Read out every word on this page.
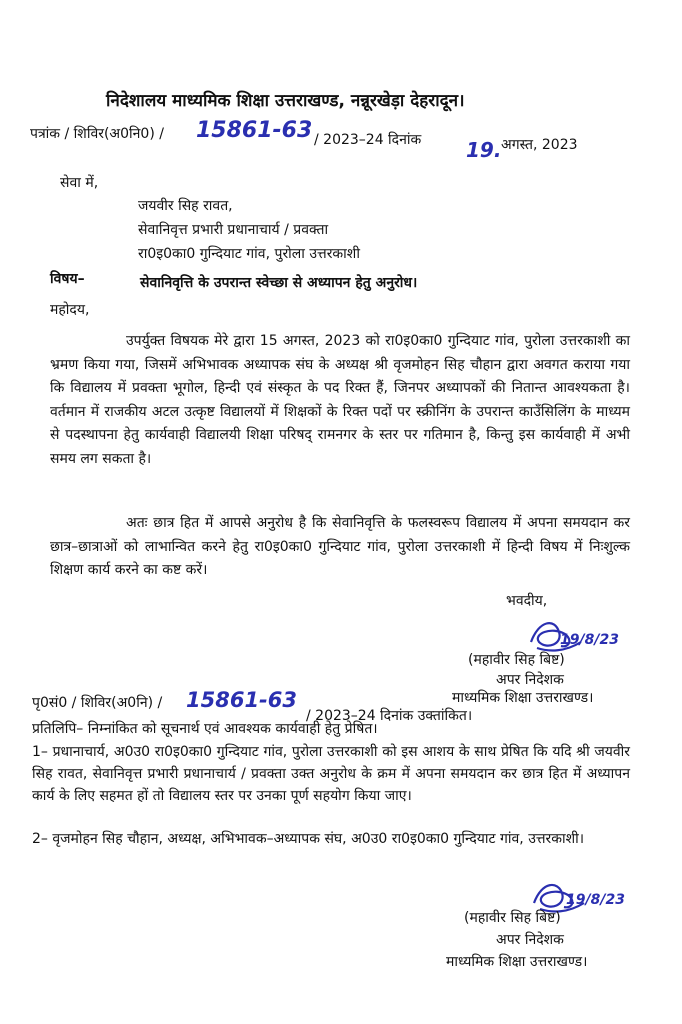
निदेशालय माध्यमिक शिक्षा उत्तराखण्ड, नन्नूरखेड़ा देहरादून।
पत्रांक / शिविर(अ0नि0) / 15861-63 / 2023–24 दिनांक 19. अगस्त, 2023
सेवा में,
जयवीर सिह रावत,
सेवानिवृत्त प्रभारी प्रधानाचार्य / प्रवक्ता
रा0इ0का0 गुन्दियाट गांव, पुरोला उत्तरकाशी
विषय–	सेवानिवृत्ति के उपरान्त स्वेच्छा से अध्यापन हेतु अनुरोध।
महोदय,
उपर्युक्त विषयक मेरे द्वारा 15 अगस्त, 2023 को रा0इ0का0 गुन्दियाट गांव, पुरोला उत्तरकाशी का भ्रमण किया गया, जिसमें अभिभावक अध्यापक संघ के अध्यक्ष श्री वृजमोहन सिह चौहान द्वारा अवगत कराया गया कि विद्यालय में प्रवक्ता भूगोल, हिन्दी एवं संस्कृत के पद रिक्त हैं, जिनपर अध्यापकों की नितान्त आवश्यकता है। वर्तमान में राजकीय अटल उत्कृष्ट विद्यालयों में शिक्षकों के रिक्त पदों पर स्क्रीनिंग के उपरान्त काउँसिलिंग के माध्यम से पदस्थापना हेतु कार्यवाही विद्यालयी शिक्षा परिषद् रामनगर के स्तर पर गतिमान है, किन्तु इस कार्यवाही में अभी समय लग सकता है।
अतः छात्र हित में आपसे अनुरोध है कि सेवानिवृत्ति के फलस्वरूप विद्यालय में अपना समयदान कर छात्र–छात्राओं को लाभान्वित करने हेतु रा0इ0का0 गुन्दियाट गांव, पुरोला उत्तरकाशी में हिन्दी विषय में निःशुल्क शिक्षण कार्य करने का कष्ट करें।
भवदीय,
19/8/23
(महावीर सिह बिष्ट)
अपर निदेशक
माध्यमिक शिक्षा उत्तराखण्ड।
पृ0सं0 / शिविर(अ0नि) / 15861-63
/ 2023–24 दिनांक उक्तांकित।
प्रतिलिपि– निम्नांकित को सूचनार्थ एवं आवश्यक कार्यवाही हेतु प्रेषित।
1– प्रधानाचार्य, अ0उ0 रा0इ0का0 गुन्दियाट गांव, पुरोला उत्तरकाशी को इस आशय के साथ प्रेषित कि यदि श्री जयवीर सिह रावत, सेवानिवृत्त प्रभारी प्रधानाचार्य / प्रवक्ता उक्त अनुरोध के क्रम में अपना समयदान कर छात्र हित में अध्यापन कार्य के लिए सहमत हों तो विद्यालय स्तर पर उनका पूर्ण सहयोग किया जाए।
2– वृजमोहन सिह चौहान, अध्यक्ष, अभिभावक–अध्यापक संघ, अ0उ0 रा0इ0का0 गुन्दियाट गांव, उत्तरकाशी।
19/8/23
(महावीर सिह बिष्ट)
अपर निदेशक
माध्यमिक शिक्षा उत्तराखण्ड।
